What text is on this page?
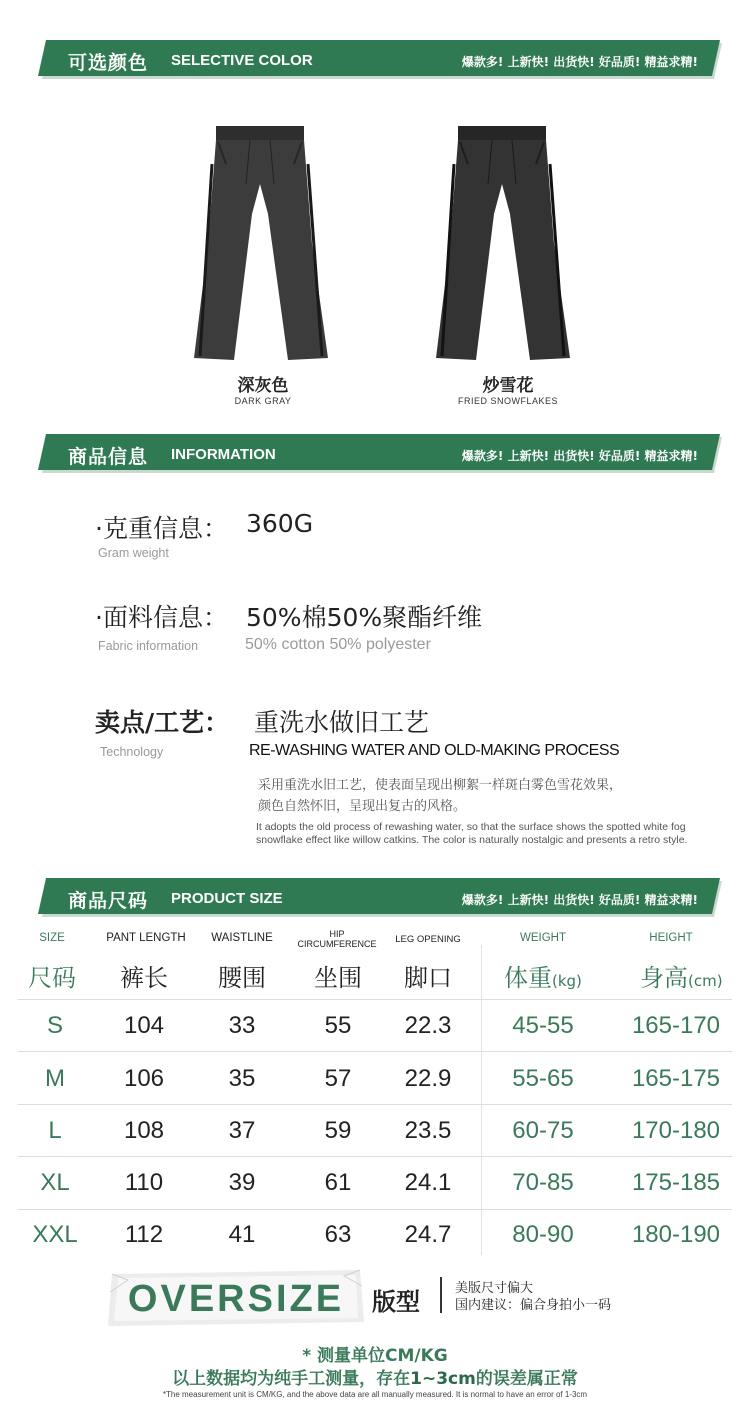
可选颜色 SELECTIVE COLOR	爆款多! 上新快! 出货快! 好品质! 精益求精!
深灰色
DARK GRAY
炒雪花
FRIED SNOWFLAKES
商品信息 INFORMATION	爆款多! 上新快! 出货快! 好品质! 精益求精!
·克重信息： 360G
Gram weight
·面料信息： 50%棉50%聚酯纤维
Fabric information	50% cotton 50% polyester
卖点/工艺： 重洗水做旧工艺
Technology	RE-WASHING WATER AND OLD-MAKING PROCESS
采用重洗水旧工艺，使表面呈现出柳絮一样斑白雾色雪花效果，
颜色自然怀旧，呈现出复古的风格。
It adopts the old process of rewashing water, so that the surface shows the spotted white fog snowflake effect like willow catkins. The color is naturally nostalgic and presents a retro style.
商品尺码 PRODUCT SIZE	爆款多! 上新快! 出货快! 好品质! 精益求精!
SIZE	PANT LENGTH	WAISTLINE	HIP
CIRCUMFERENCE	LEG OPENING	WEIGHT	HEIGHT
尺码	裤长	腰围	坐围	脚口	体重(kg)	身高(cm)
S	104	33	55	22.3	45-55	165-170
M	106	35	57	22.9	55-65	165-175
L	108	37	59	23.5	60-75	170-180
XL	110	39	61	24.1	70-85	175-185
XXL	112	41	63	24.7	80-90	180-190
OVERSIZE	版型	美版尺寸偏大
国内建议：偏合身拍小一码
* 测量单位CM/KG
以上数据均为纯手工测量，存在1~3cm的误差属正常
*The measurement unit is CM/KG, and the above data are all manually measured. It is normal to have an error of 1-3cm
